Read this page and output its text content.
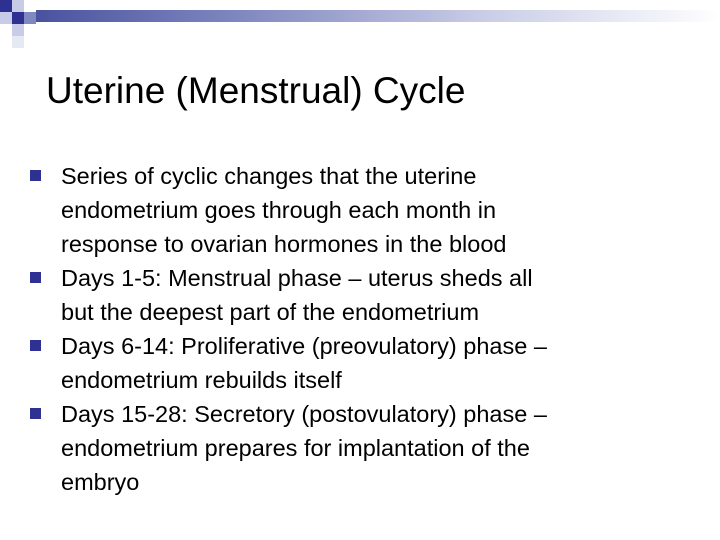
Uterine (Menstrual) Cycle
Series of cyclic changes that the uterine
endometrium goes through each month in
response to ovarian hormones in the blood
Days 1-5: Menstrual phase – uterus sheds all
but the deepest part of the endometrium
Days 6-14: Proliferative (preovulatory) phase –
endometrium rebuilds itself
Days 15-28: Secretory (postovulatory) phase –
endometrium prepares for implantation of the
embryo
